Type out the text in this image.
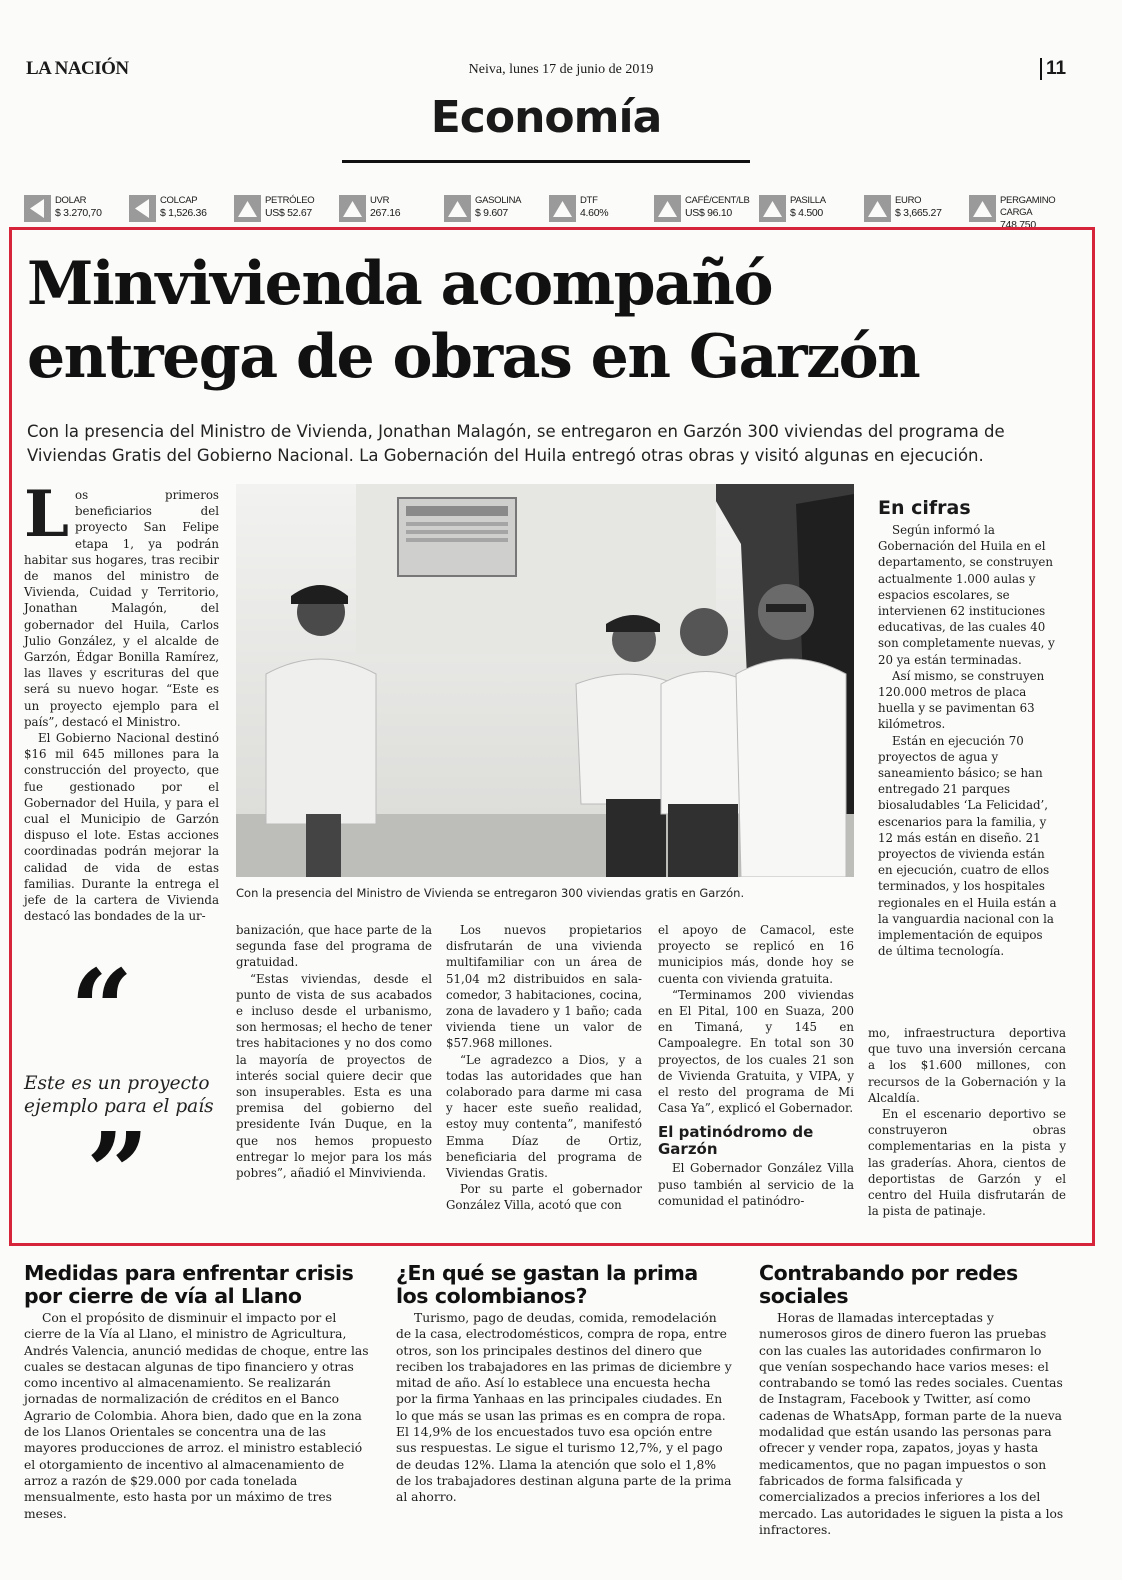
LA NACIÓN	Neiva, lunes 17 de junio de 2019	11
Economía
DOLAR
$ 3.270,70
COLCAP
$ 1,526.36
PETRÓLEO
US$ 52.67
UVR
267.16
GASOLINA
$ 9.607
DTF
4.60%
CAFÉ/CENT/LB
US$ 96.10
PASILLA
$ 4.500
EURO
$ 3,665.27
PERGAMINO CARGA
748,750
Minvivienda acompañó
entrega de obras en Garzón
Con la presencia del Ministro de Vivienda, Jonathan Malagón, se entregaron en Garzón 300 viviendas del programa de Viviendas Gratis del Gobierno Nacional. La Gobernación del Huila entregó otras obras y visitó algunas en ejecución.
L os primeros beneficiarios del proyecto San Felipe etapa 1, ya podrán habitar sus hogares, tras recibir de manos del ministro de Vivienda, Cuidad y Territorio, Jonathan Malagón, del gobernador del Huila, Carlos Julio González, y el alcalde de Garzón, Édgar Bonilla Ramírez, las llaves y escrituras del que será su nuevo hogar. “Este es un proyecto ejemplo para el país”, destacó el Ministro.

El Gobierno Nacional destinó $16 mil 645 millones para la construcción del proyecto, que fue gestionado por el Gobernador del Huila, y para el cual el Municipio de Garzón dispuso el lote. Estas acciones coordinadas podrán mejorar la calidad de vida de estas familias. Durante la entrega el jefe de la cartera de Vivienda destacó las bondades de la ur-

Con la presencia del Ministro de Vivienda se entregaron 300 viviendas gratis en Garzón.
“
Este es un proyecto ejemplo para el país
”

banización, que hace parte de la segunda fase del programa de gratuidad.

“Estas viviendas, desde el punto de vista de sus acabados e incluso desde el urbanismo, son hermosas; el hecho de tener tres habitaciones y no dos como la mayoría de proyectos de interés social quiere decir que son insuperables. Esta es una premisa del gobierno del presidente Iván Duque, en la que nos hemos propuesto entregar lo mejor para los más pobres”, añadió el Minvivienda.

Los nuevos propietarios disfrutarán de una vivienda multifamiliar con un área de 51,04 m2 distribuidos en sala-comedor, 3 habitaciones, cocina, zona de lavadero y 1 baño; cada vivienda tiene un valor de $57.968 millones.

“Le agradezco a Dios, y a todas las autoridades que han colaborado para darme mi casa y hacer este sueño realidad, estoy muy contenta”, manifestó Emma Díaz de Ortiz, beneficiaria del programa de Viviendas Gratis.

Por su parte el gobernador González Villa, acotó que con

el apoyo de Camacol, este proyecto se replicó en 16 municipios más, donde hoy se cuenta con vivienda gratuita.

“Terminamos 200 viviendas en El Pital, 100 en Suaza, 200 en Timaná, y 145 en Campoalegre. En total son 30 proyectos, de los cuales 21 son de Vivienda Gratuita, y VIPA, y el resto del programa de Mi Casa Ya”, explicó el Gobernador.

El patinódromo de Garzón

El Gobernador González Villa puso también al servicio de la comunidad el patinódro-

En cifras

Según informó la Gobernación del Huila en el departamento, se construyen actualmente 1.000 aulas y espacios escolares, se intervienen 62 instituciones educativas, de las cuales 40 son completamente nuevas, y 20 ya están terminadas.

Así mismo, se construyen 120.000 metros de placa huella y se pavimentan 63 kilómetros.

Están en ejecución 70 proyectos de agua y saneamiento básico; se han entregado 21 parques biosaludables ‘La Felicidad’, escenarios para la familia, y 12 más están en diseño. 21 proyectos de vivienda están en ejecución, cuatro de ellos terminados, y los hospitales regionales en el Huila están a la vanguardia nacional con la implementación de equipos de última tecnología.

mo, infraestructura deportiva que tuvo una inversión cercana a los $1.600 millones, con recursos de la Gobernación y la Alcaldía.

En el escenario deportivo se construyeron obras complementarias en la pista y las graderías. Ahora, cientos de deportistas de Garzón y el centro del Huila disfrutarán de la pista de patinaje.

Medidas para enfrentar crisis por cierre de vía al Llano

Con el propósito de disminuir el impacto por el cierre de la Vía al Llano, el ministro de Agricultura, Andrés Valencia, anunció medidas de choque, entre las cuales se destacan algunas de tipo financiero y otras como incentivo al almacenamiento. Se realizarán jornadas de normalización de créditos en el Banco Agrario de Colombia. Ahora bien, dado que en la zona de los Llanos Orientales se concentra una de las mayores producciones de arroz. el ministro estableció el otorgamiento de incentivo al almacenamiento de arroz a razón de $29.000 por cada tonelada mensualmente, esto hasta por un máximo de tres meses.

¿En qué se gastan la prima los colombianos?

Turismo, pago de deudas, comida, remodelación de la casa, electrodomésticos, compra de ropa, entre otros, son los principales destinos del dinero que reciben los trabajadores en las primas de diciembre y mitad de año. Así lo establece una encuesta hecha por la firma Yanhaas en las principales ciudades. En lo que más se usan las primas es en compra de ropa. El 14,9% de los encuestados tuvo esa opción entre sus respuestas. Le sigue el turismo 12,7%, y el pago de deudas 12%. Llama la atención que solo el 1,8% de los trabajadores destinan alguna parte de la prima al ahorro.

Contrabando por redes sociales

Horas de llamadas interceptadas y numerosos giros de dinero fueron las pruebas con las cuales las autoridades confirmaron lo que venían sospechando hace varios meses: el contrabando se tomó las redes sociales. Cuentas de Instagram, Facebook y Twitter, así como cadenas de WhatsApp, forman parte de la nueva modalidad que están usando las personas para ofrecer y vender ropa, zapatos, joyas y hasta medicamentos, que no pagan impuestos o son fabricados de forma falsificada y comercializados a precios inferiores a los del mercado. Las autoridades le siguen la pista a los infractores.
